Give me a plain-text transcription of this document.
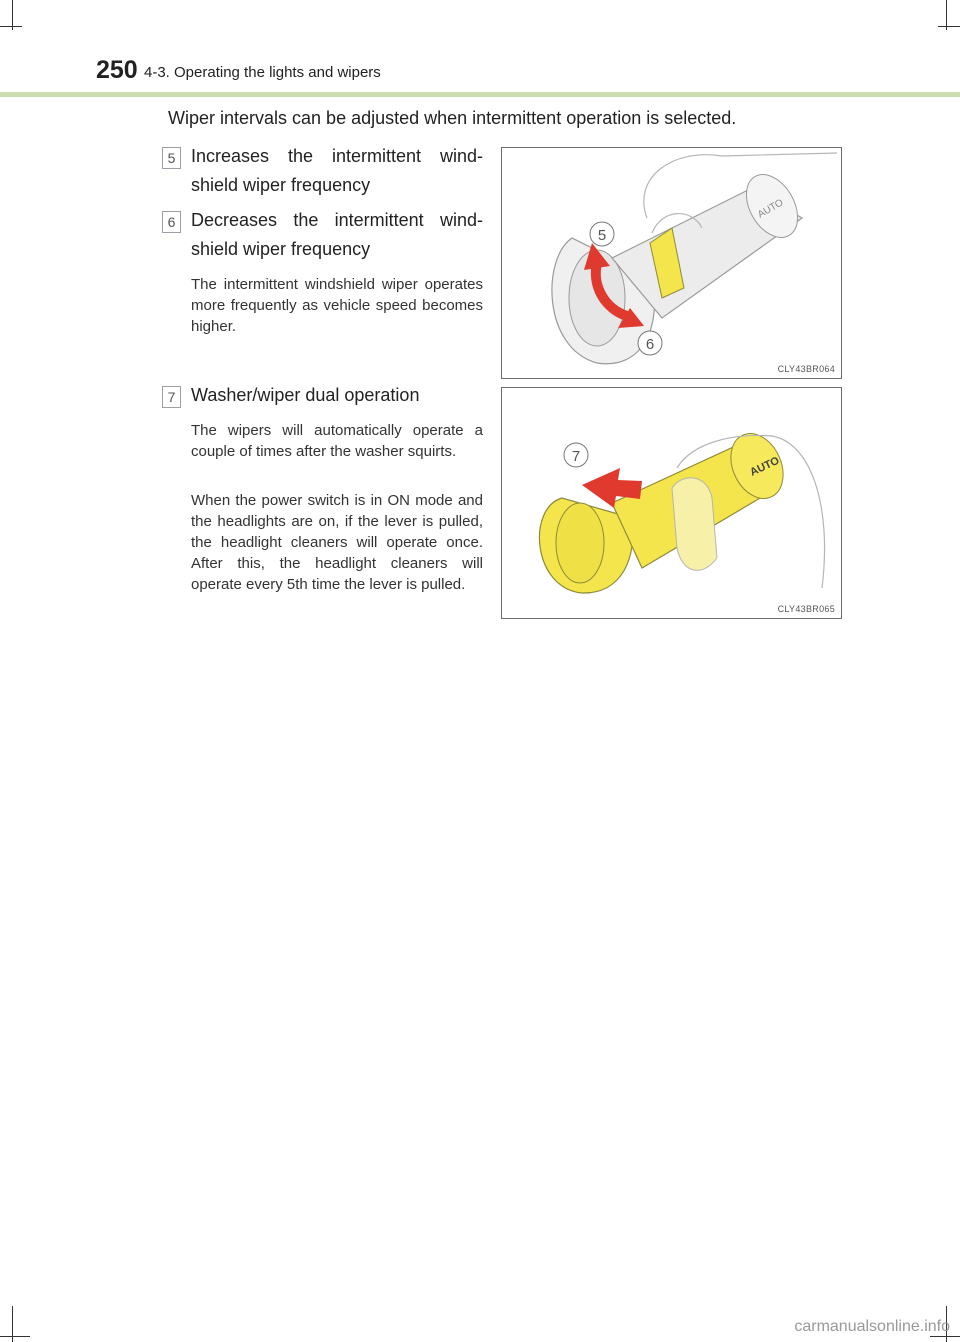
250 4-3. Operating the lights and wipers
Wiper intervals can be adjusted when intermittent operation is selected.
5 Increases the intermittent wind-shield wiper frequency
6 Decreases the intermittent wind-shield wiper frequency
The intermittent windshield wiper operates more frequently as vehicle speed becomes higher.
7 Washer/wiper dual operation
The wipers will automatically operate a couple of times after the washer squirts.
When the power switch is in ON mode and the headlights are on, if the lever is pulled, the headlight cleaners will operate once. After this, the headlight cleaners will operate every 5th time the lever is pulled.
AUTO
5
6
CLY43BR064
AUTO
7
CLY43BR065
carmanualsonline.info
